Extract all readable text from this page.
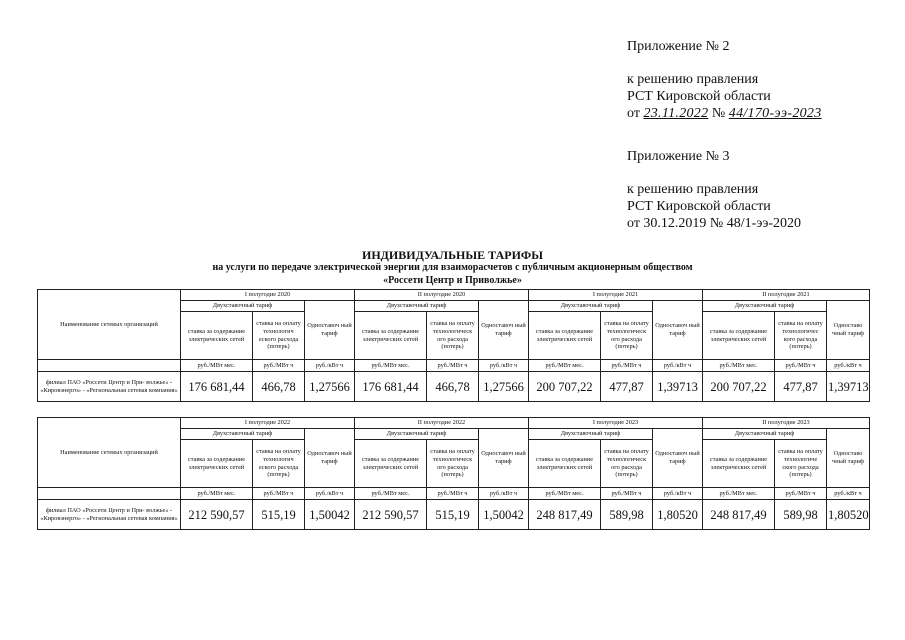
Приложение № 2
к решению правления
РСТ Кировской области
от 23.11.2022 № 44/170-ээ-2023
Приложение № 3
к решению правления
РСТ Кировской области
от 30.12.2019 № 48/1-ээ-2020
ИНДИВИДУАЛЬНЫЕ ТАРИФЫ
на услуги по передаче электрической энергии для взаиморасчетов с публичным акционерным обществом
«Россети Центр и Приволжье»
Наименование сетевых организаций	I полугодие 2020			II полугодие 2020			I полугодие 2021			II полугодие 2021		
	Двухставочный тариф		Одноставоч ный тариф	Двухставочный тариф		Одноставоч ный тариф	Двухставочный тариф		Одноставоч ный тариф	Двухставочный тариф		Одноставо чный тариф
	ставка за содержание электрических сетей	ставка на оплату технологич еского расхода (потерь)		ставка за содержание электрических сетей	ставка на оплату технологическ ого расхода (потерь)		ставка за содержание электрических сетей	ставка на оплату технологическ ого расхода (потерь)		ставка за содержание электрических сетей	ставка на оплату технологичес кого расхода (потерь)	
	руб./МВт мес.	руб./МВт ч	руб./кВт ч	руб./МВт мес.	руб./МВт ч	руб./кВт ч	руб./МВт мес.	руб./МВт ч	руб./кВт ч	руб./МВт мес.	руб./МВт ч	руб./кВт ч
филиал ПАО «Россети Центр и При- волжье» - «Кировэнерго» - «Региональная сетевая компания»	176 681,44	466,78	1,27566	176 681,44	466,78	1,27566	200 707,22	477,87	1,39713	200 707,22	477,87	1,39713
Наименование сетевых организаций	I полугодие 2022			II полугодие 2022			I полугодие 2023			II полугодие 2023		
	Двухставочный тариф		Одноставоч ный тариф	Двухставочный тариф		Одноставоч ный тариф	Двухставочный тариф		Одноставоч ный тариф	Двухставочный тариф		Одноставо чный тариф
	ставка за содержание электрических сетей	ставка на оплату технологич еского расхода (потерь)		ставка за содержание электрических сетей	ставка на оплату технологическ ого расхода (потерь)		ставка за содержание электрических сетей	ставка на оплату технологическ ого расхода (потерь)		ставка за содержание электрических сетей	ставка на оплату технологиче ского расхода (потерь)	
	руб./МВт мес.	руб./МВт ч	руб./кВт ч	руб./МВт мес.	руб./МВт ч	руб./кВт ч	руб./МВт мес.	руб./МВт ч	руб./кВт ч	руб./МВт мес.	руб./МВт ч	руб./кВт ч
филиал ПАО «Россети Центр и При- волжье» - «Кировэнерго» - «Региональная сетевая компания»	212 590,57	515,19	1,50042	212 590,57	515,19	1,50042	248 817,49	589,98	1,80520	248 817,49	589,98	1,80520
